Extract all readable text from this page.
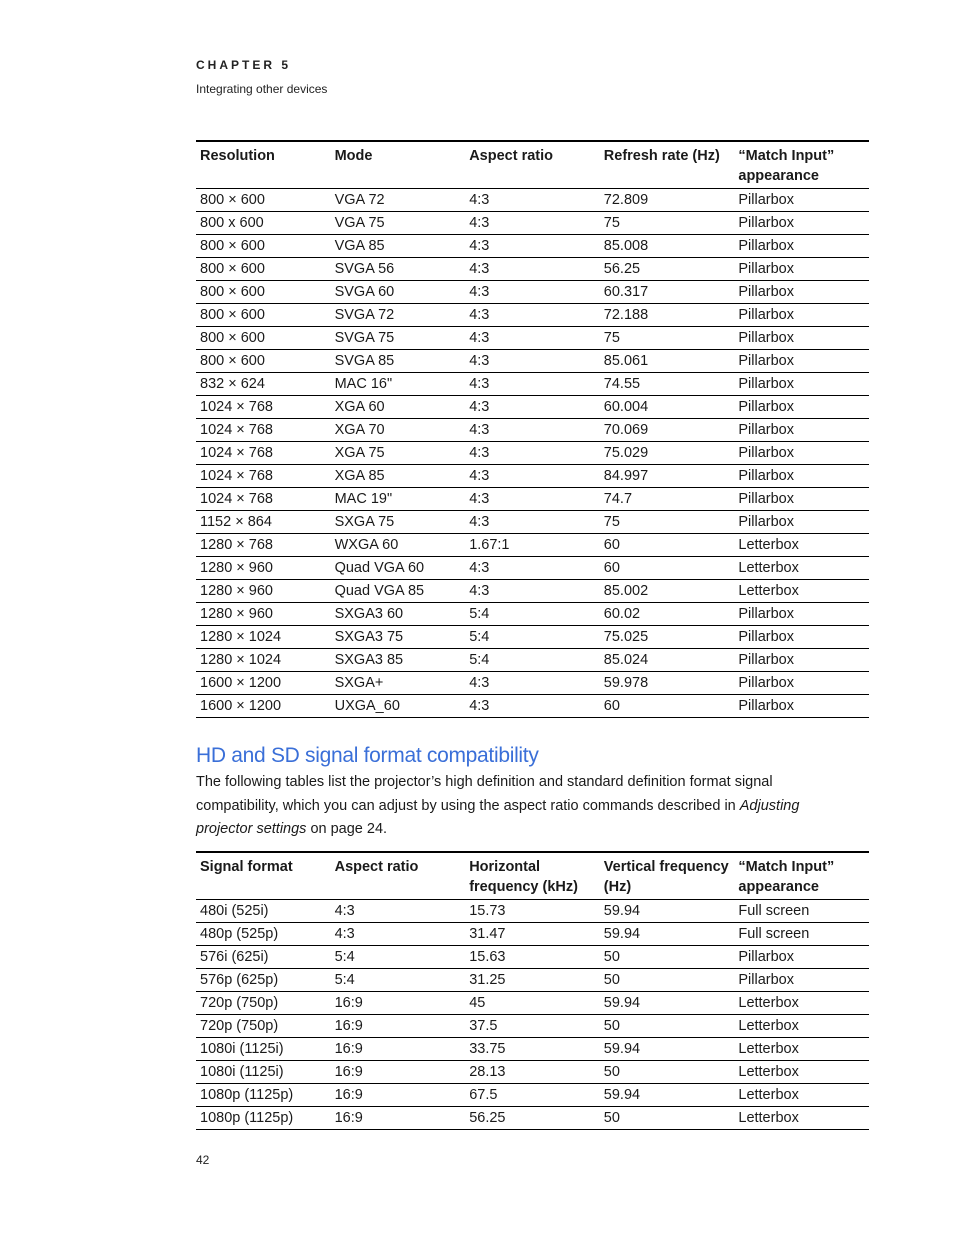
CHAPTER 5
Integrating other devices
Resolution	Mode	Aspect ratio	Refresh rate (Hz)	“Match Input” appearance
800 × 600	VGA 72	4:3	72.809	Pillarbox
800 x 600	VGA 75	4:3	75	Pillarbox
800 × 600	VGA 85	4:3	85.008	Pillarbox
800 × 600	SVGA 56	4:3	56.25	Pillarbox
800 × 600	SVGA 60	4:3	60.317	Pillarbox
800 × 600	SVGA 72	4:3	72.188	Pillarbox
800 × 600	SVGA 75	4:3	75	Pillarbox
800 × 600	SVGA 85	4:3	85.061	Pillarbox
832 × 624	MAC 16"	4:3	74.55	Pillarbox
1024 × 768	XGA 60	4:3	60.004	Pillarbox
1024 × 768	XGA 70	4:3	70.069	Pillarbox
1024 × 768	XGA 75	4:3	75.029	Pillarbox
1024 × 768	XGA 85	4:3	84.997	Pillarbox
1024 × 768	MAC 19"	4:3	74.7	Pillarbox
1152 × 864	SXGA 75	4:3	75	Pillarbox
1280 × 768	WXGA 60	1.67:1	60	Letterbox
1280 × 960	Quad VGA 60	4:3	60	Letterbox
1280 × 960	Quad VGA 85	4:3	85.002	Letterbox
1280 × 960	SXGA3 60	5:4	60.02	Pillarbox
1280 × 1024	SXGA3 75	5:4	75.025	Pillarbox
1280 × 1024	SXGA3 85	5:4	85.024	Pillarbox
1600 × 1200	SXGA+	4:3	59.978	Pillarbox
1600 × 1200	UXGA_60	4:3	60	Pillarbox
HD and SD signal format compatibility

The following tables list the projector’s high definition and standard definition format signal compatibility, which you can adjust by using the aspect ratio commands described in Adjusting projector settings on page 24.

Signal format	Aspect ratio	Horizontal frequency (kHz)	Vertical frequency (Hz)	“Match Input” appearance
480i (525i)	4:3	15.73	59.94	Full screen
480p (525p)	4:3	31.47	59.94	Full screen
576i (625i)	5:4	15.63	50	Pillarbox
576p (625p)	5:4	31.25	50	Pillarbox
720p (750p)	16:9	45	59.94	Letterbox
720p (750p)	16:9	37.5	50	Letterbox
1080i (1125i)	16:9	33.75	59.94	Letterbox
1080i (1125i)	16:9	28.13	50	Letterbox
1080p (1125p)	16:9	67.5	59.94	Letterbox
1080p (1125p)	16:9	56.25	50	Letterbox
42
